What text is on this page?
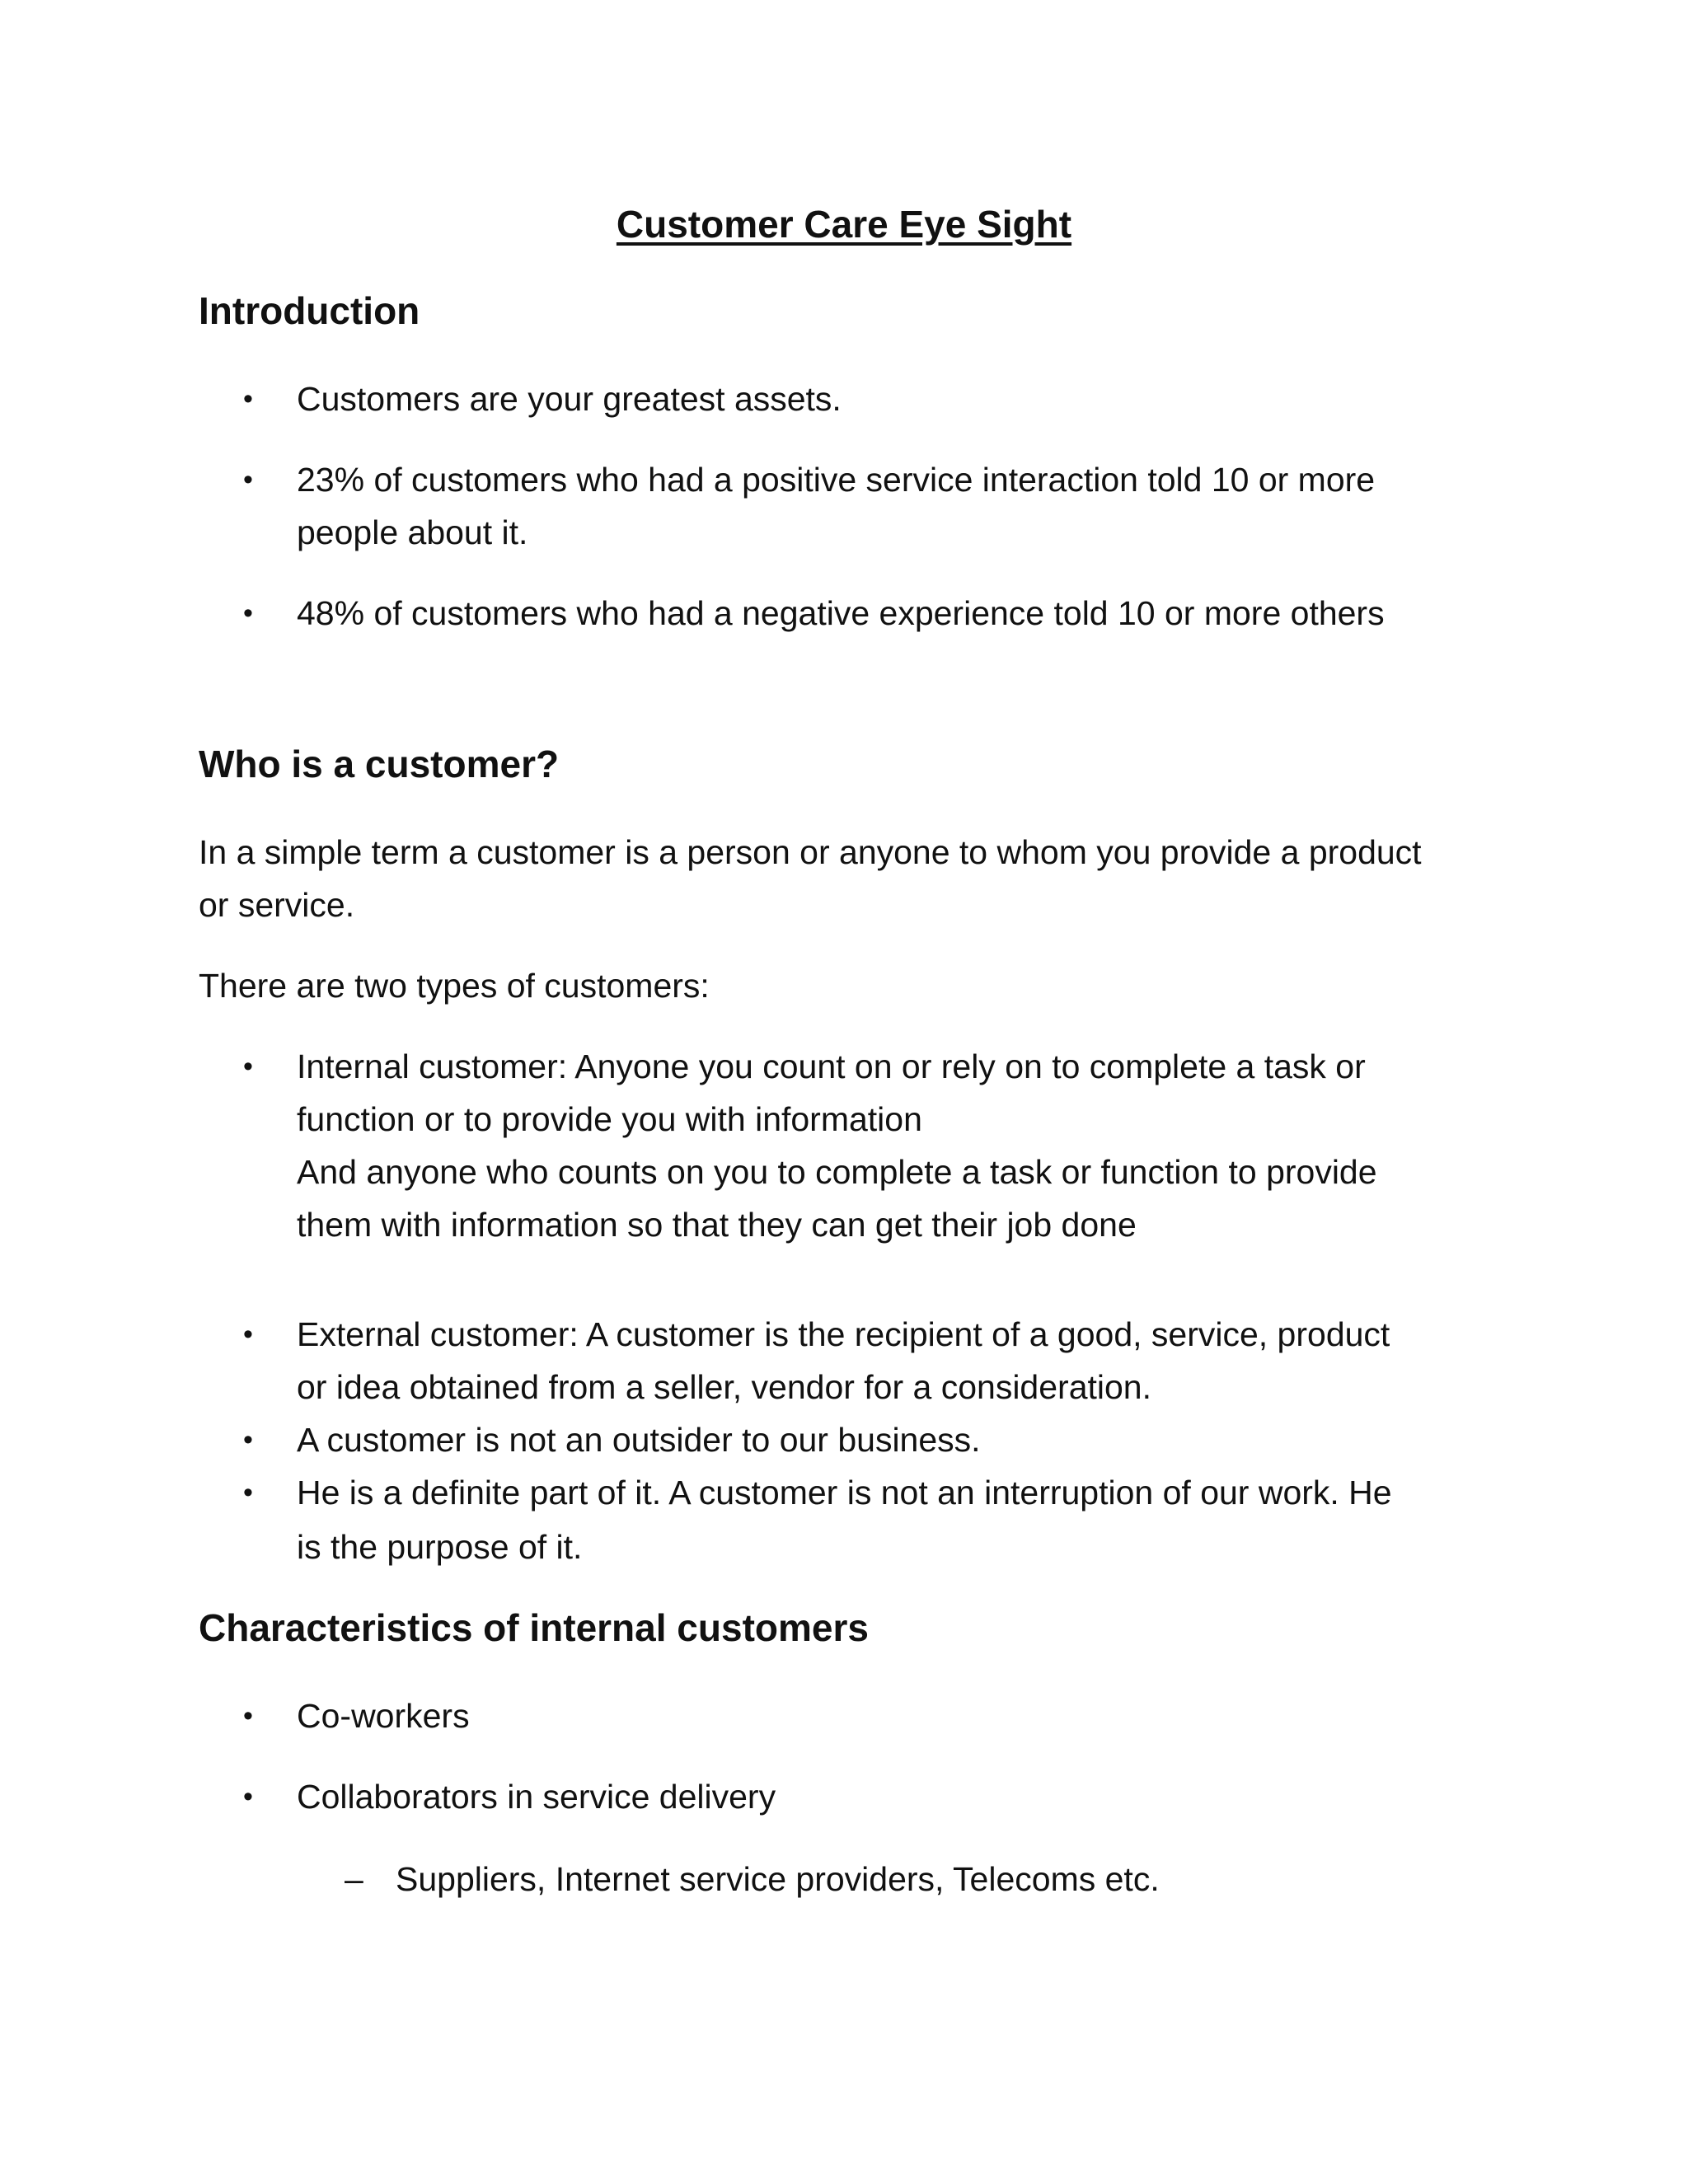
Customer Care Eye Sight
Introduction
•	Customers are your greatest assets.

•	23% of customers who had a positive service interaction told 10 or more

people about it.

•	48% of customers who had a negative experience told 10 or more others

Who is a customer?

In a simple term a customer is a person or anyone to whom you provide a product

or service.

There are two types of customers:

•	Internal customer: Anyone you count on or rely on to complete a task or

function or to provide you with information

And anyone who counts on you to complete a task or function to provide

them with information so that they can get their job done

•	External customer: A customer is the recipient of a good, service, product

or idea obtained from a seller, vendor for a consideration.

•	A customer is not an outsider to our business.

•	He is a definite part of it. A customer is not an interruption of our work. He

is the purpose of it.

Characteristics of internal customers
•	Co-workers

•	Collaborators in service delivery

– Suppliers, Internet service providers, Telecoms etc.
